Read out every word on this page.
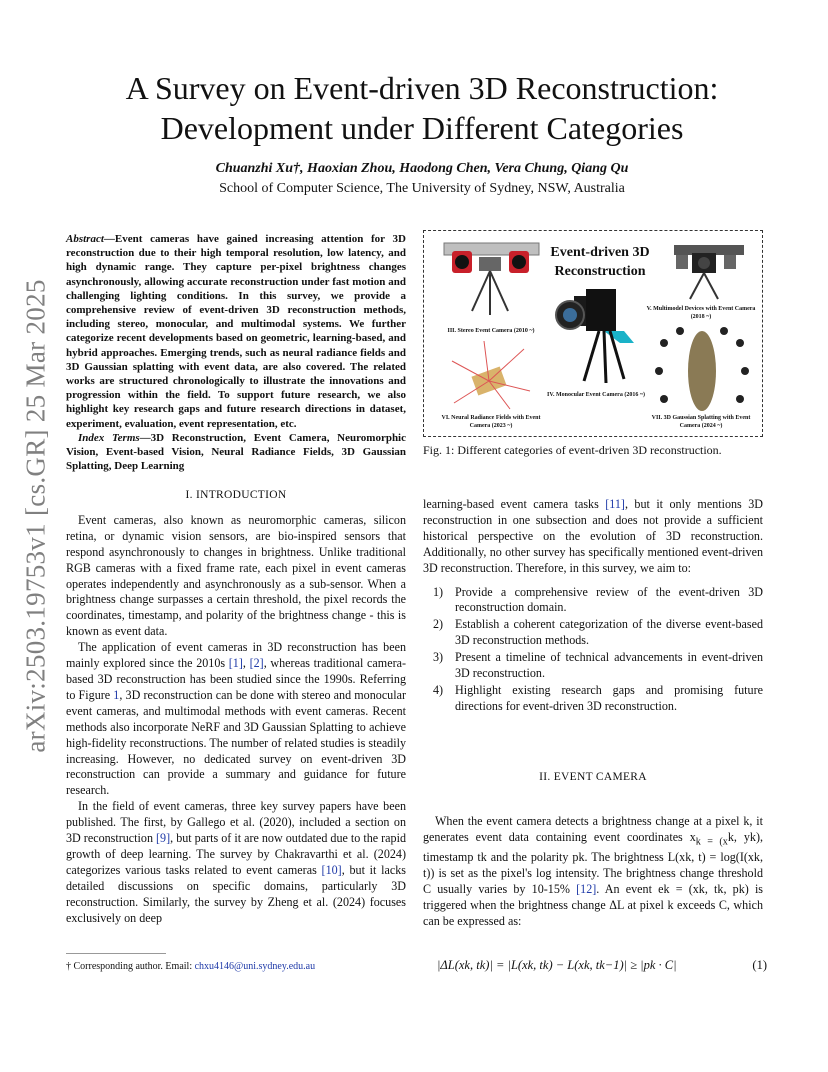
arXiv:2503.19753v1 [cs.GR] 25 Mar 2025
A Survey on Event-driven 3D Reconstruction:
Development under Different Categories
Chuanzhi Xu†, Haoxian Zhou, Haodong Chen, Vera Chung, Qiang Qu
School of Computer Science, The University of Sydney, NSW, Australia
Abstract—Event cameras have gained increasing attention for 3D reconstruction due to their high temporal resolution, low latency, and high dynamic range. They capture per-pixel brightness changes asynchronously, allowing accurate reconstruction under fast motion and challenging lighting conditions. In this survey, we provide a comprehensive review of event-driven 3D reconstruction methods, including stereo, monocular, and multimodal systems. We further categorize recent developments based on geometric, learning-based, and hybrid approaches. Emerging trends, such as neural radiance fields and 3D Gaussian splatting with event data, are also covered. The related works are structured chronologically to illustrate the innovations and progression within the field. To support future research, we also highlight key research gaps and future research directions in dataset, experiment, evaluation, event representation, etc.
Index Terms—3D Reconstruction, Event Camera, Neuromorphic Vision, Event-based Vision, Neural Radiance Fields, 3D Gaussian Splatting, Deep Learning
I. INTRODUCTION

Event cameras, also known as neuromorphic cameras, silicon retina, or dynamic vision sensors, are bio-inspired sensors that respond asynchronously to changes in brightness. Unlike traditional RGB cameras with a fixed frame rate, each pixel in event cameras operates independently and asynchronously as a sub-sensor. When a brightness change surpasses a certain threshold, the pixel records the coordinates, timestamp, and polarity of the brightness change - this is known as event data.

The application of event cameras in 3D reconstruction has been mainly explored since the 2010s [1], [2], whereas traditional camera-based 3D reconstruction has been studied since the 1990s. Referring to Figure 1, 3D reconstruction can be done with stereo and monocular event cameras, and multimodal methods with event cameras. Recent methods also incorporate NeRF and 3D Gaussian Splatting to achieve high-fidelity reconstructions. The number of related studies is steadily increasing. However, no dedicated survey on event-driven 3D reconstruction can provide a summary and guidance for future research.

In the field of event cameras, three key survey papers have been published. The first, by Gallego et al. (2020), included a section on 3D reconstruction [9], but parts of it are now outdated due to the rapid growth of deep learning. The survey by Chakravarthi et al. (2024) categorizes various tasks related to event cameras [10], but it lacks detailed discussions on specific domains, particularly 3D reconstruction. Similarly, the survey by Zheng et al. (2024) focuses exclusively on deep

† Corresponding author. Email: chxu4146@uni.sydney.edu.au
Event-driven 3D Reconstruction
III. Stereo Event Camera (2010 ~)
IV. Monocular Event Camera (2016 ~)
V. Multimodel Devices with Event Camera (2018 ~)
VI. Neural Radiance Fields with Event Camera (2023 ~)
VII. 3D Gaussian Splatting with Event Camera (2024 ~)
Fig. 1: Different categories of event-driven 3D reconstruction.

learning-based event camera tasks [11], but it only mentions 3D reconstruction in one subsection and does not provide a sufficient historical perspective on the evolution of 3D reconstruction. Additionally, no other survey has specifically mentioned event-driven 3D reconstruction. Therefore, in this survey, we aim to:

1) Provide a comprehensive review of the event-driven 3D reconstruction domain.
2) Establish a coherent categorization of the diverse event-based 3D reconstruction methods.
3) Present a timeline of technical advancements in event-driven 3D reconstruction.
4) Highlight existing research gaps and promising future directions for event-driven 3D reconstruction.
II. EVENT CAMERA

When the event camera detects a brightness change at a pixel k, it generates event data containing event coordinates $x_{k = (x}k$, yk), timestamp tk and the polarity pk. The brightness L(xk, t) = log(I(xk, t)) is set as the pixel's log intensity. The brightness change threshold C usually varies by 10-15% [12]. An event ek = (xk, tk, pk) is triggered when the brightness change ΔL at pixel k exceeds C, which can be expressed as:

|ΔL(xk, tk)| = |L(xk, tk) − L(xk, tk−1)| ≥ |pk · C|	(1)
